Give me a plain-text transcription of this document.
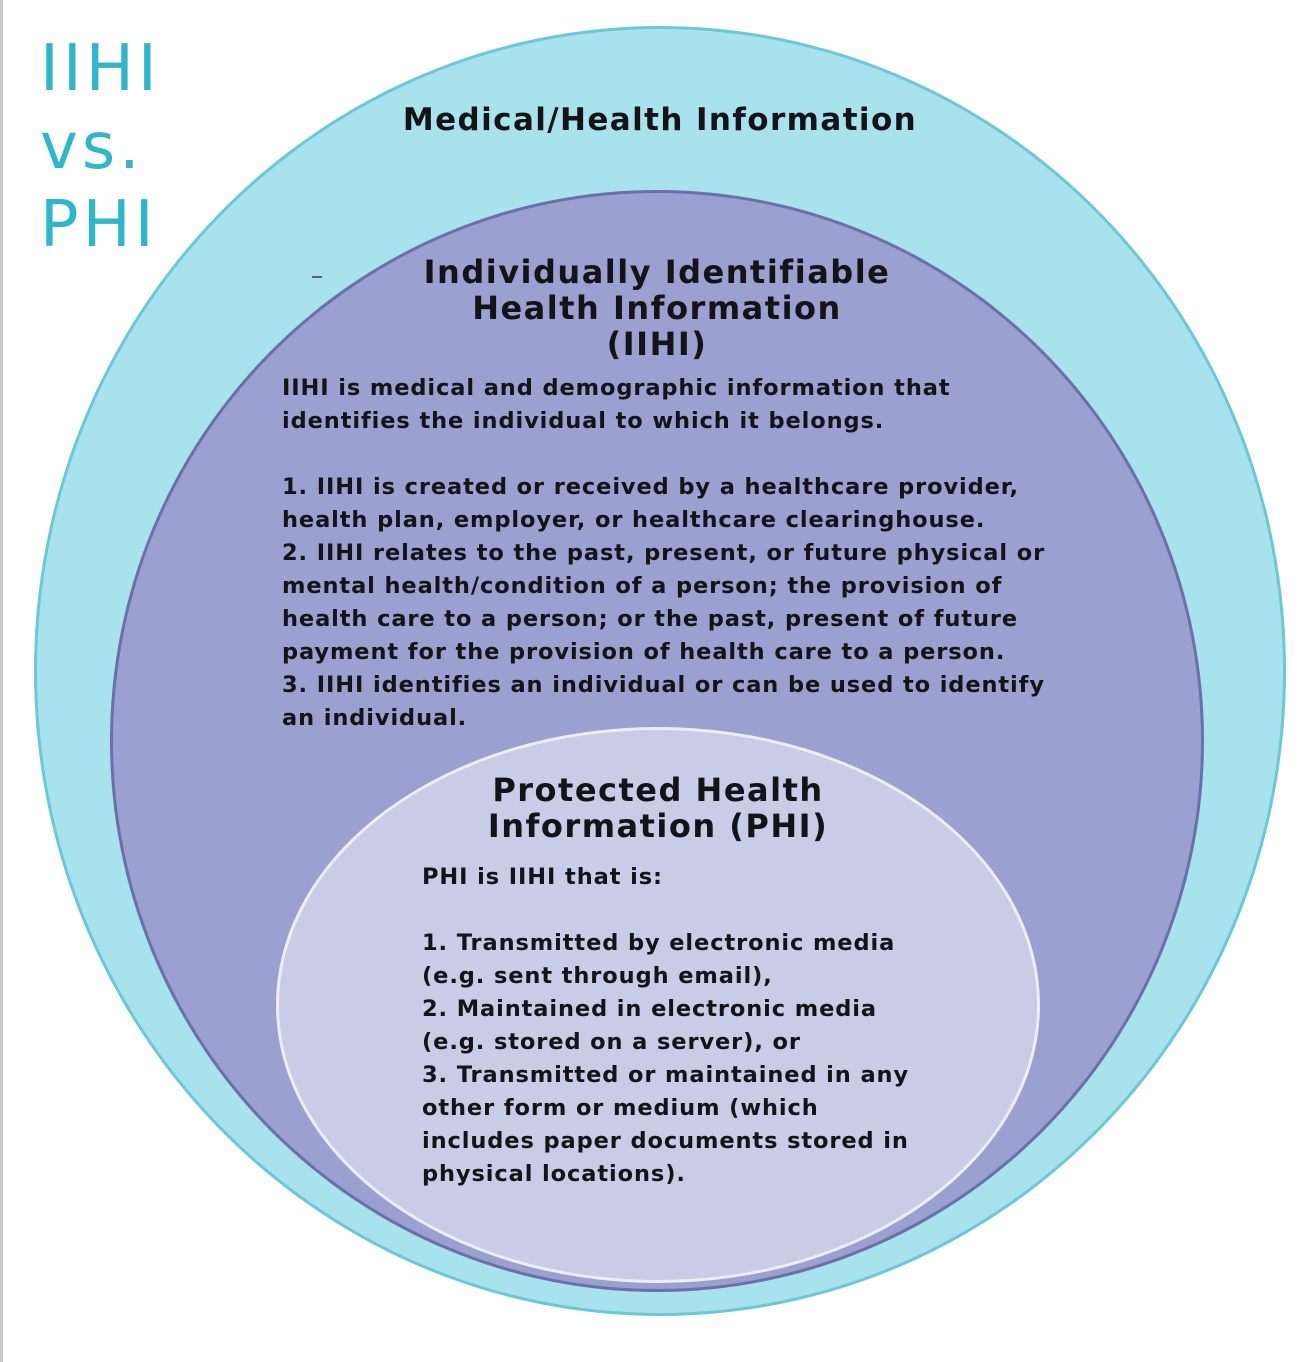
IIHI
vs.
PHI
Medical/Health Information
Individually Identifiable
Health Information
(IIHI)
IIHI is medical and demographic information that
identifies the individual to which it belongs.
1. IIHI is created or received by a healthcare provider,
health plan, employer, or healthcare clearinghouse.
2. IIHI relates to the past, present, or future physical or
mental health/condition of a person; the provision of
health care to a person; or the past, present of future
payment for the provision of health care to a person.
3. IIHI identifies an individual or can be used to identify
an individual.
Protected Health
Information (PHI)
PHI is IIHI that is:
1. Transmitted by electronic media
(e.g. sent through email),
2. Maintained in electronic media
(e.g. stored on a server), or
3. Transmitted or maintained in any
other form or medium (which
includes paper documents stored in
physical locations).
